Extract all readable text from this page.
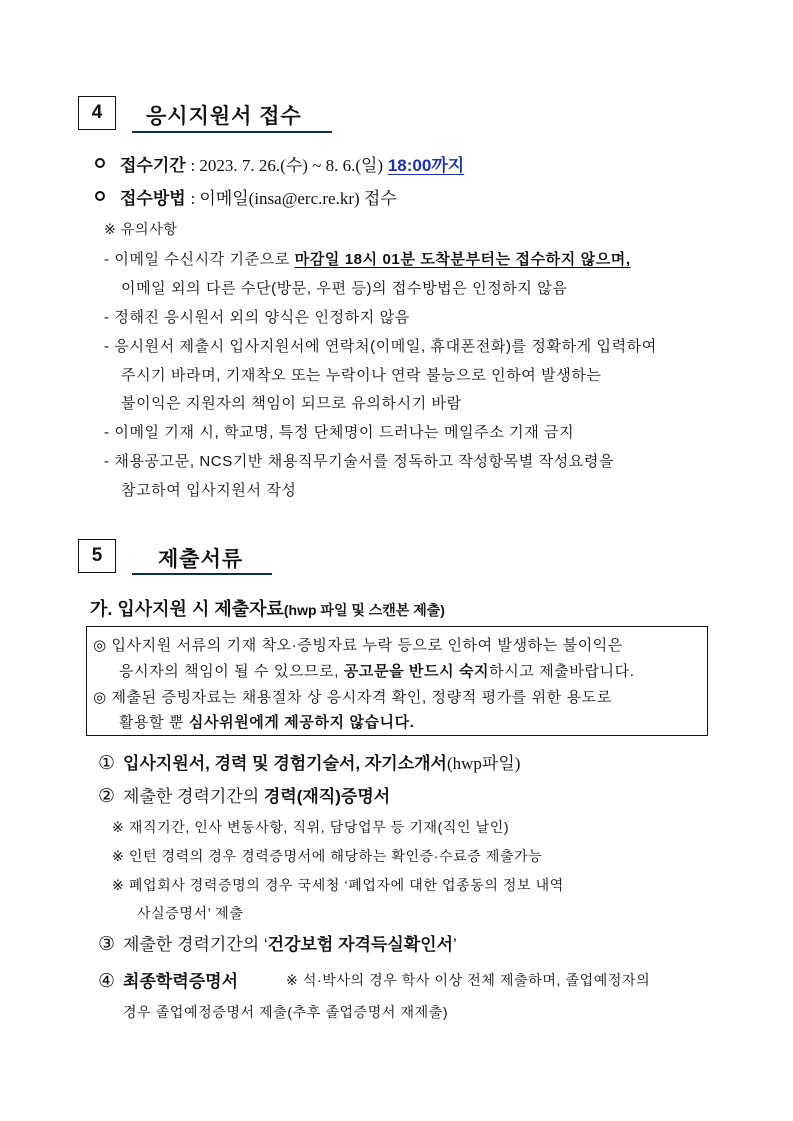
4	응시지원서 접수
접수기간 : 2023. 7. 26.(수) ~ 8. 6.(일) 18:00까지
접수방법 : 이메일(insa@erc.re.kr) 접수
※ 유의사항
- 이메일 수신시각 기준으로 마감일 18시 01분 도착분부터는 접수하지 않으며,
이메일 외의 다른 수단(방문, 우편 등)의 접수방법은 인정하지 않음
- 정해진 응시원서 외의 양식은 인정하지 않음
- 응시원서 제출시 입사지원서에 연락처(이메일, 휴대폰전화)를 정확하게 입력하여
주시기 바라며, 기재착오 또는 누락이나 연락 불능으로 인하여 발생하는
불이익은 지원자의 책임이 되므로 유의하시기 바람
- 이메일 기재 시, 학교명, 특정 단체명이 드러나는 메일주소 기재 금지
- 채용공고문, NCS기반 채용직무기술서를 정독하고 작성항목별 작성요령을
참고하여 입사지원서 작성
5	제출서류
가. 입사지원 시 제출자료(hwp 파일 및 스캔본 제출)
◎ 입사지원 서류의 기재 착오·증빙자료 누락 등으로 인하여 발생하는 불이익은
응시자의 책임이 될 수 있으므로, 공고문을 반드시 숙지하시고 제출바랍니다.
◎ 제출된 증빙자료는 채용절차 상 응시자격 확인, 정량적 평가를 위한 용도로
활용할 뿐 심사위원에게 제공하지 않습니다.
① 입사지원서, 경력 및 경험기술서, 자기소개서(hwp파일)
② 제출한 경력기간의 경력(재직)증명서
※ 재직기간, 인사 변동사항, 직위, 담당업무 등 기재(직인 날인)
※ 인턴 경력의 경우 경력증명서에 해당하는 확인증·수료증 제출가능
※ 폐업회사 경력증명의 경우 국세청 ‘폐업자에 대한 업종동의 정보 내역
사실증명서’ 제출
③ 제출한 경력기간의 ‘건강보험 자격득실확인서’
④ 최종학력증명서	※ 석·박사의 경우 학사 이상 전체 제출하며, 졸업예정자의
경우 졸업예정증명서 제출(추후 졸업증명서 재제출)
